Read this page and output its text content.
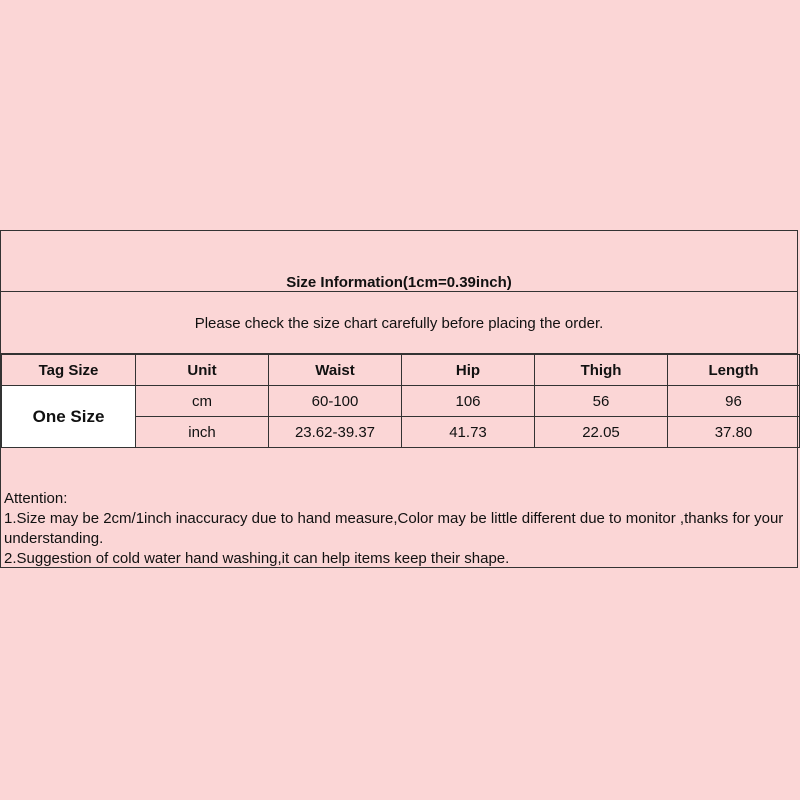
Size Information(1cm=0.39inch)
Please check the size chart carefully before placing the order.
Tag Size	Unit	Waist	Hip	Thigh	Length
One Size	cm	60-100	106	56	96
	inch	23.62-39.37	41.73	22.05	37.80
Attention:
1.Size may be 2cm/1inch inaccuracy due to hand measure,Color may be little different due to monitor ,thanks for your understanding.
2.Suggestion of cold water hand washing,it can help items keep their shape.
